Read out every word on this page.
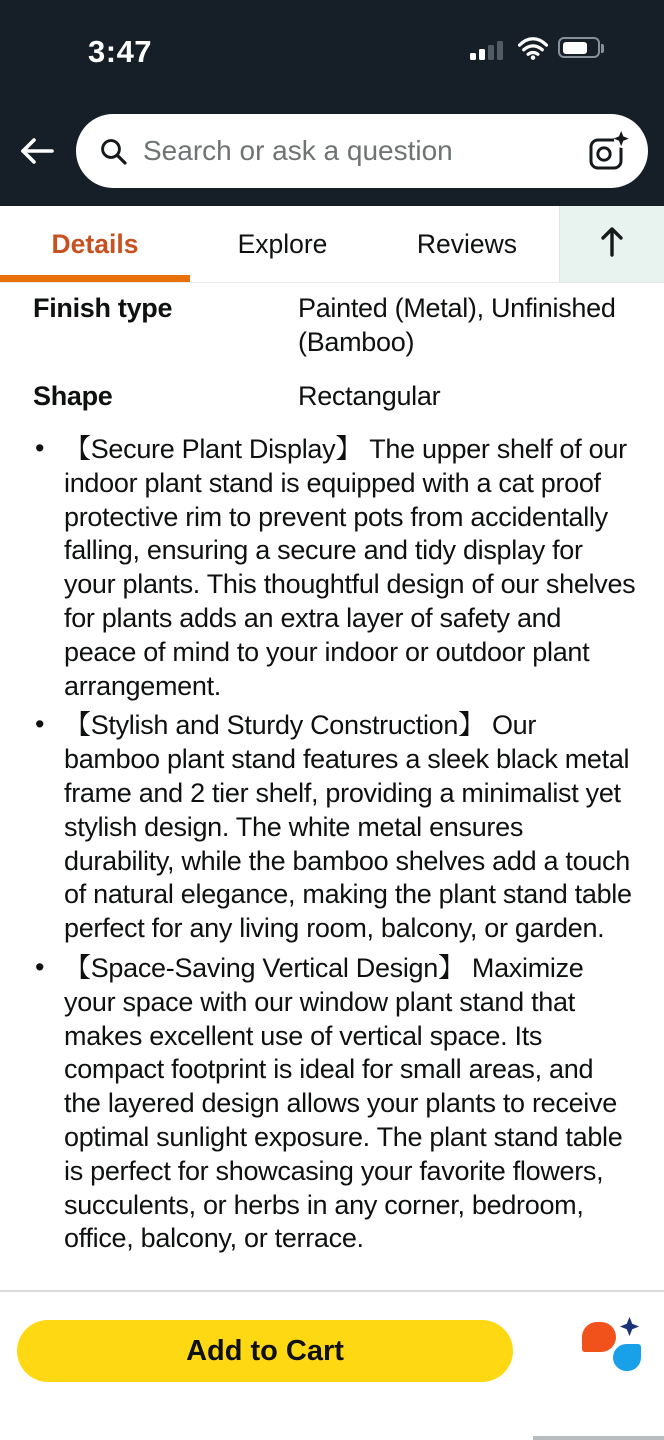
3:47
Search or ask a question
Details	Explore	Reviews
Finish type	Painted (Metal), Unfinished (Bamboo)
Shape	Rectangular
• 【Secure Plant Display】 The upper shelf of our indoor plant stand is equipped with a cat proof protective rim to prevent pots from accidentally falling, ensuring a secure and tidy display for your plants. This thoughtful design of our shelves for plants adds an extra layer of safety and peace of mind to your indoor or outdoor plant arrangement.
• 【Stylish and Sturdy Construction】 Our bamboo plant stand features a sleek black metal frame and 2 tier shelf, providing a minimalist yet stylish design. The white metal ensures durability, while the bamboo shelves add a touch of natural elegance, making the plant stand table perfect for any living room, balcony, or garden.
• 【Space-Saving Vertical Design】 Maximize your space with our window plant stand that makes excellent use of vertical space. Its compact footprint is ideal for small areas, and the layered design allows your plants to receive optimal sunlight exposure. The plant stand table is perfect for showcasing your favorite flowers, succulents, or herbs in any corner, bedroom, office, balcony, or terrace.
Add to Cart
